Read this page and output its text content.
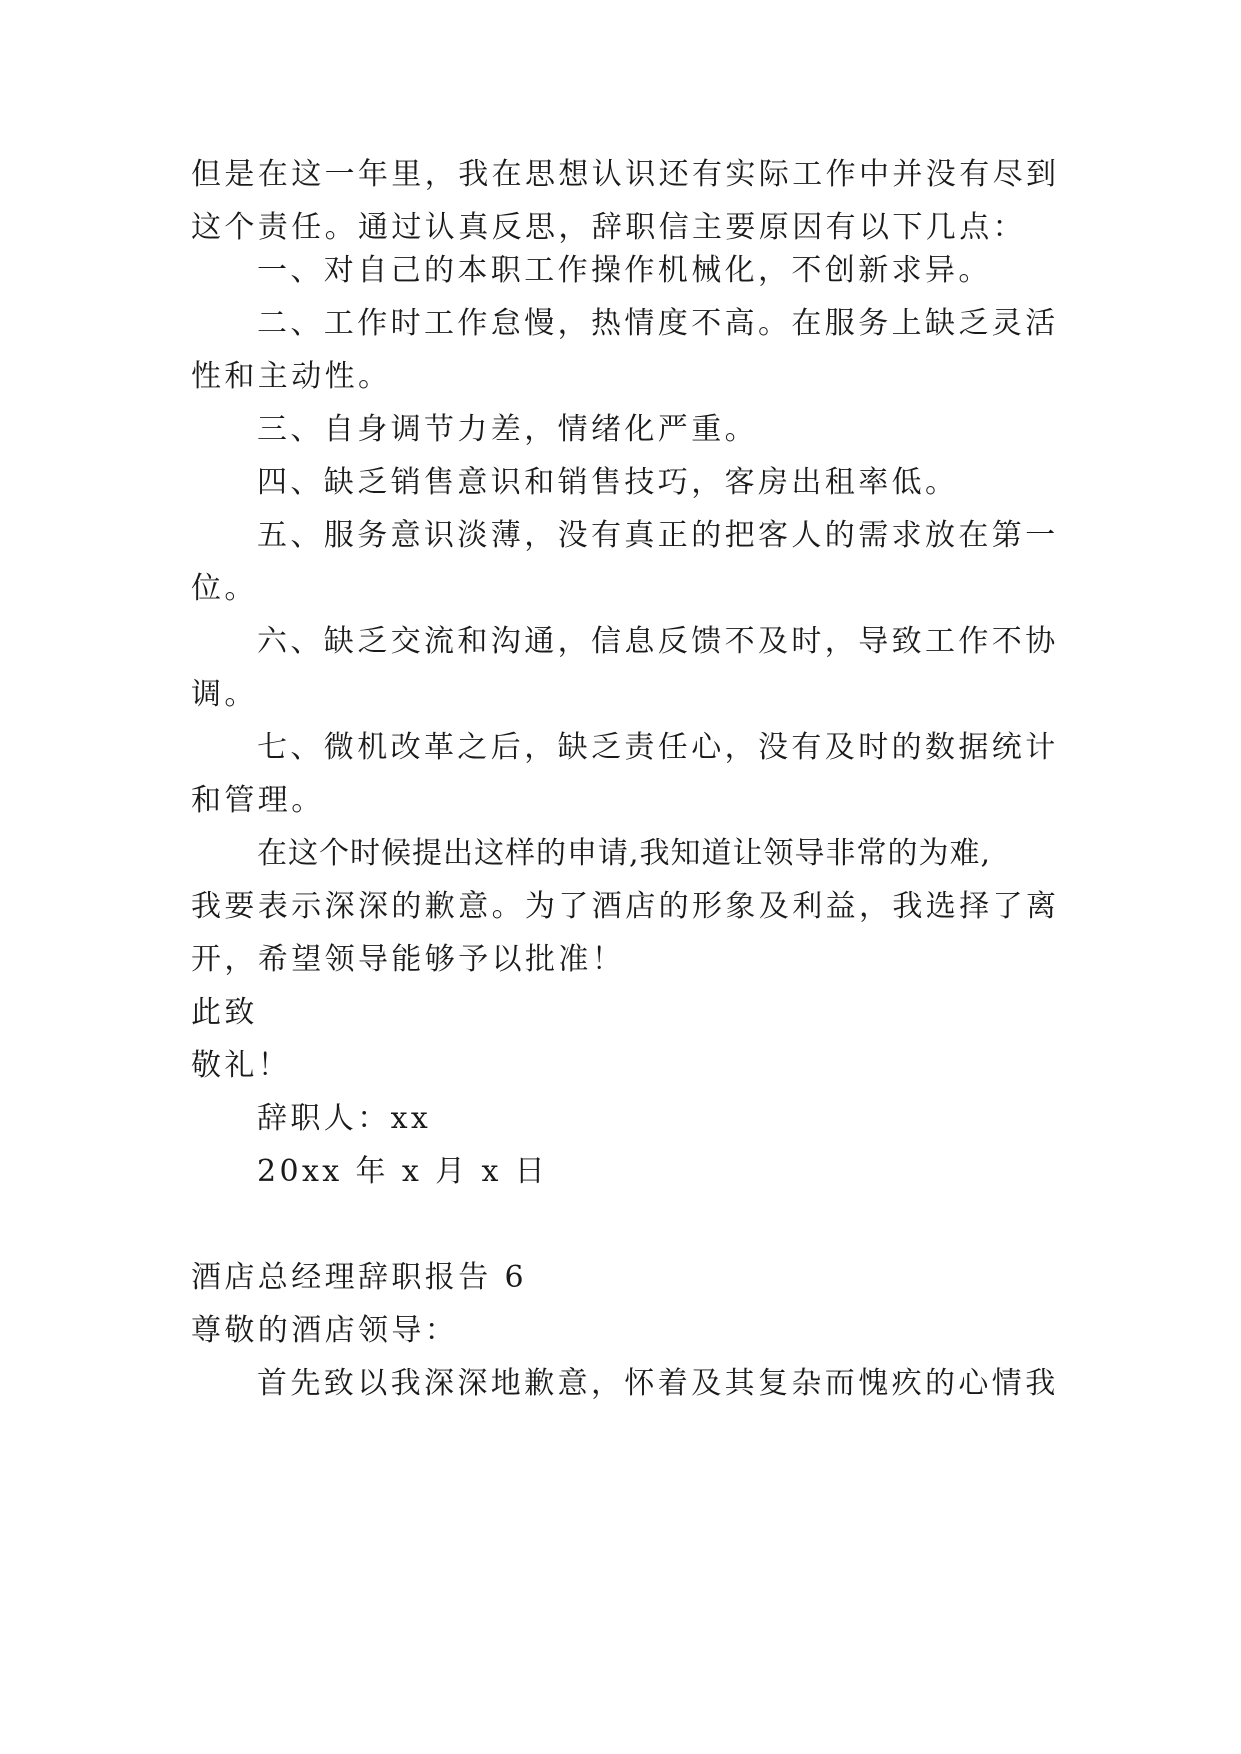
但是在这一年里，我在思想认识还有实际工作中并没有尽到
这个责任。通过认真反思，辞职信主要原因有以下几点：
一、对自己的本职工作操作机械化，不创新求异。
二、工作时工作怠慢，热情度不高。在服务上缺乏灵活
性和主动性。
三、自身调节力差，情绪化严重。
四、缺乏销售意识和销售技巧，客房出租率低。
五、服务意识淡薄，没有真正的把客人的需求放在第一
位。
六、缺乏交流和沟通，信息反馈不及时，导致工作不协
调。
七、微机改革之后，缺乏责任心，没有及时的数据统计
和管理。
在这个时候提出这样的申请,我知道让领导非常的为难,
我要表示深深的歉意。为了酒店的形象及利益，我选择了离
开，希望领导能够予以批准！
此致
敬礼！
辞职人：xx
20xx 年 x 月 x 日
酒店总经理辞职报告 6
尊敬的酒店领导：
首先致以我深深地歉意，怀着及其复杂而愧疚的心情我
